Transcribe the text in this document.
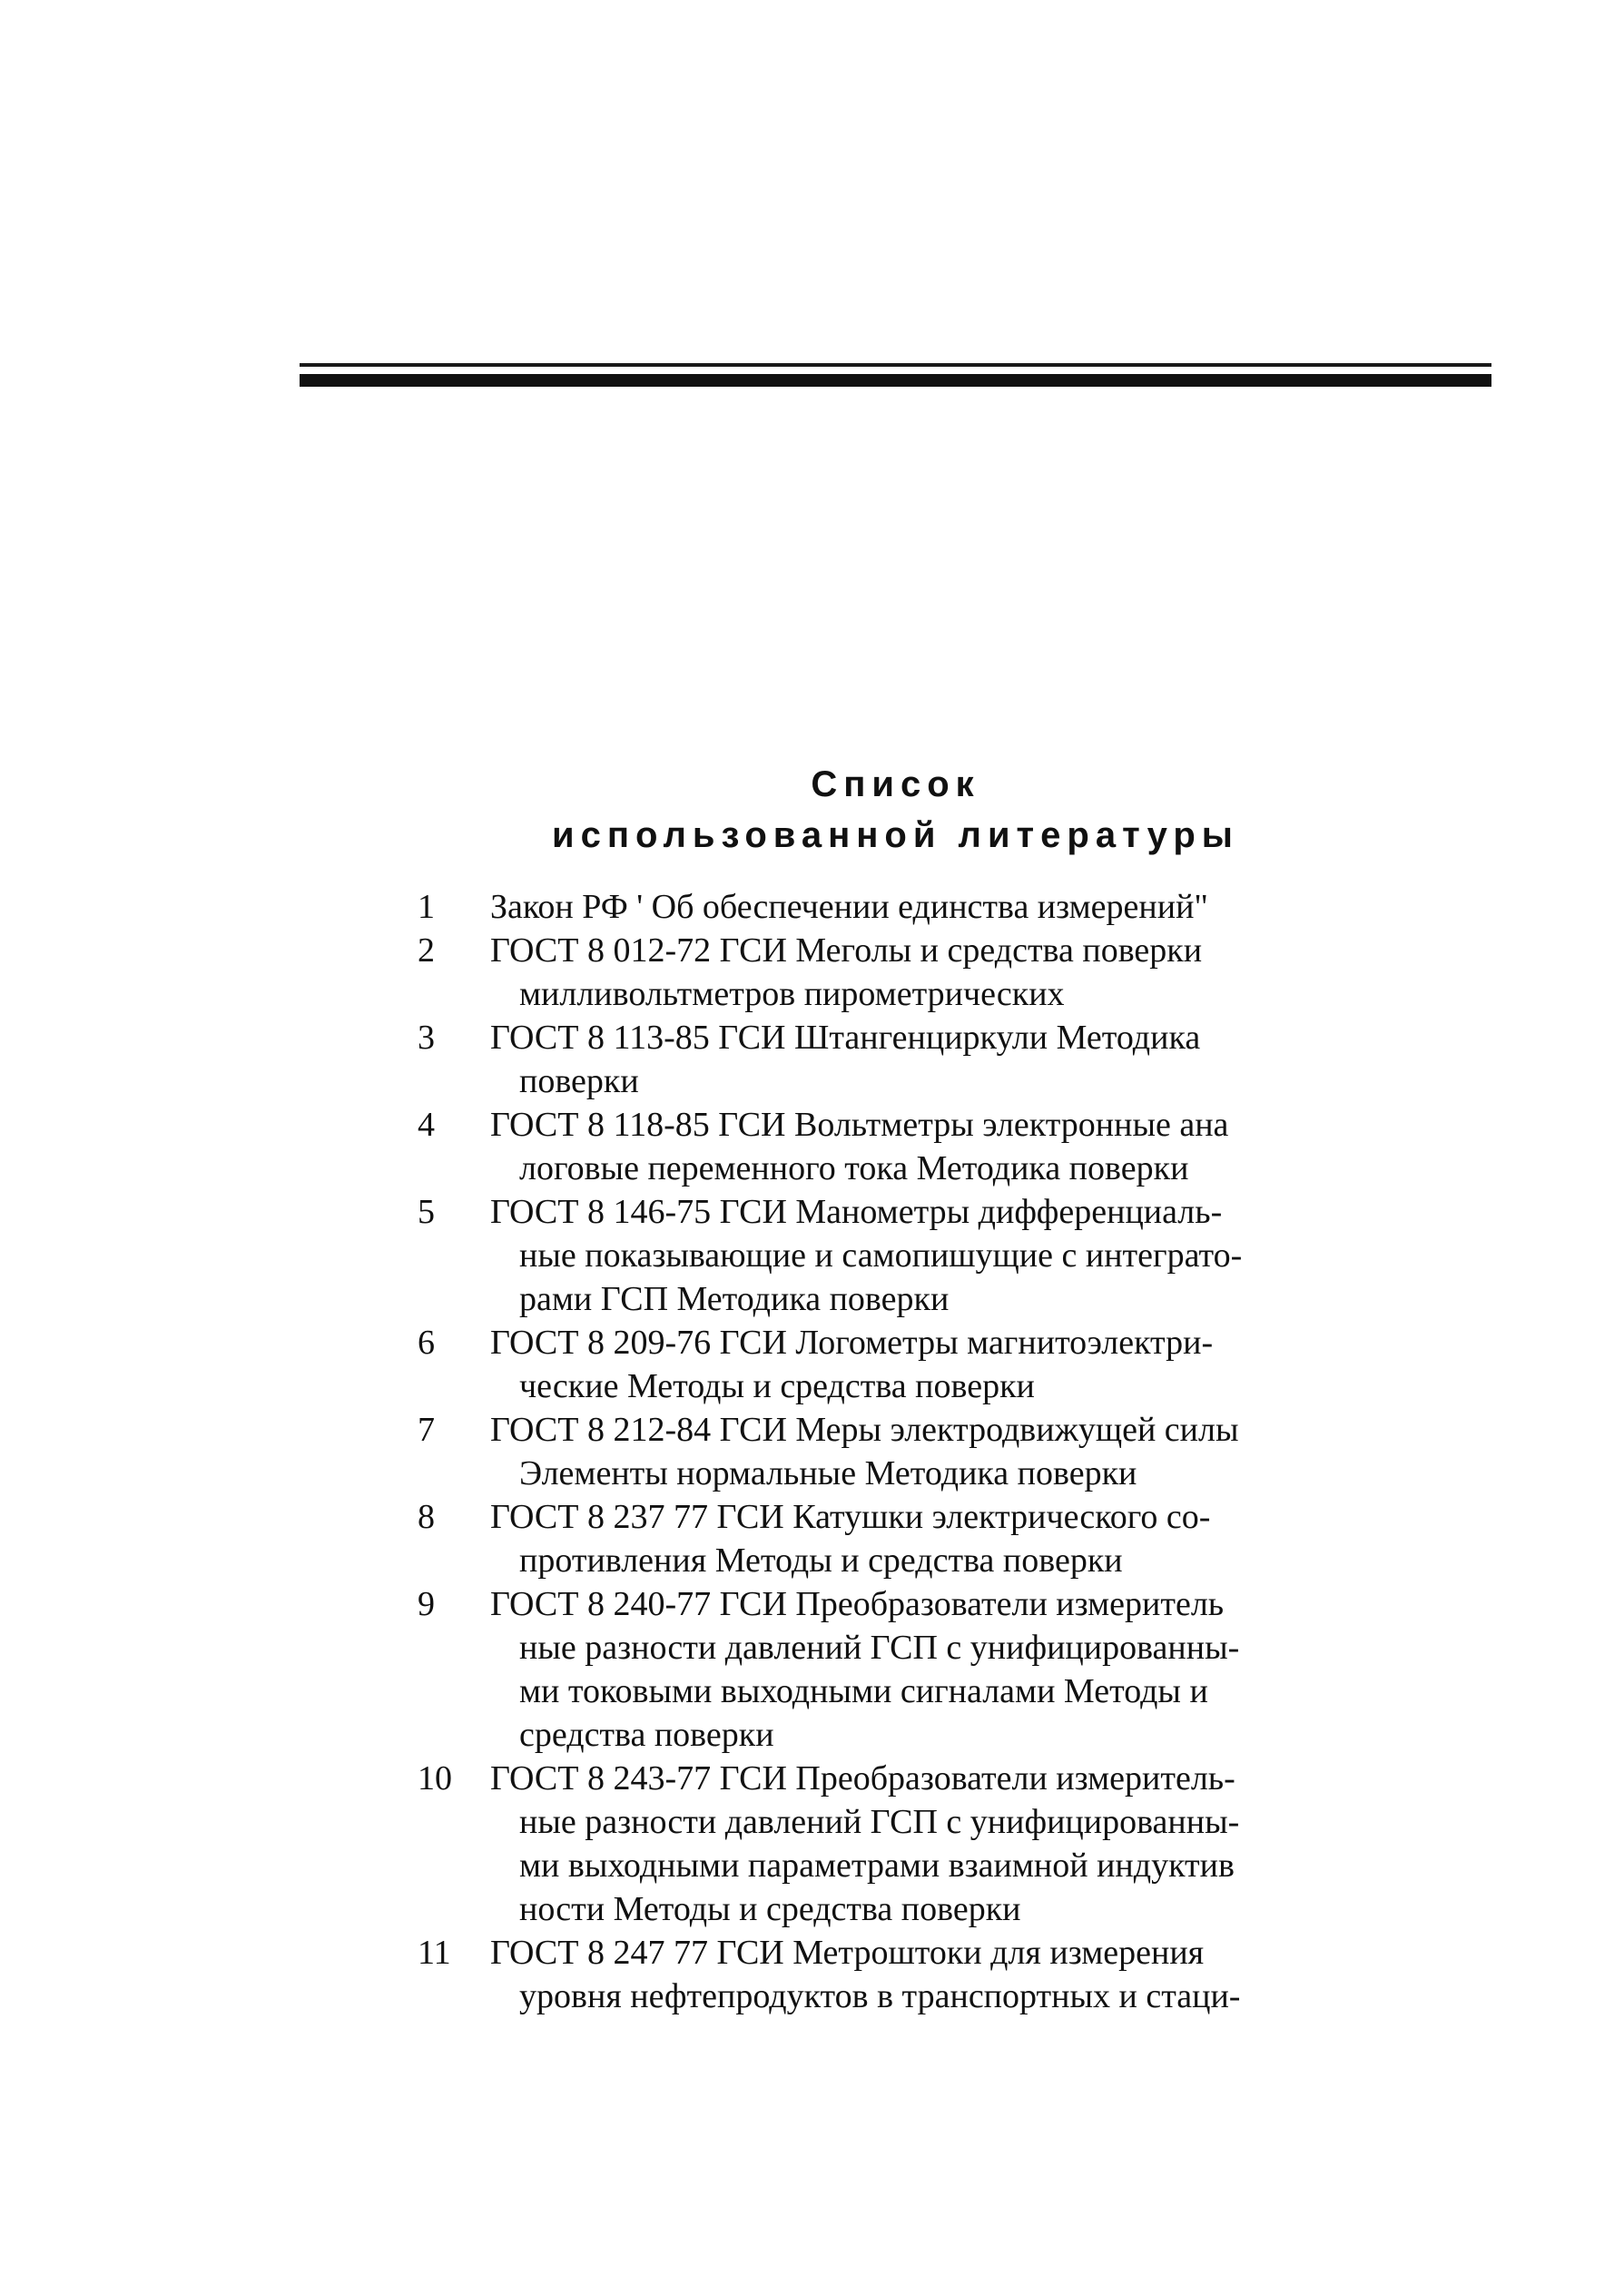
Список
использованной литературы
1	Закон РФ ' Об обеспечении единства измерений"
2	ГОСТ 8 012-72 ГСИ Меголы и средства поверки
милливольтметров пирометрических
3	ГОСТ 8 113-85 ГСИ Штангенциркули Методика
поверки
4	ГОСТ 8 118-85 ГСИ Вольтметры электронные ана
логовые переменного тока Методика поверки
5	ГОСТ 8 146-75 ГСИ Манометры дифференциаль-
ные показывающие и самопишущие с интеграто-
рами ГСП Методика поверки
6	ГОСТ 8 209-76 ГСИ Логометры магнитоэлектри-
ческие Методы и средства поверки
7	ГОСТ 8 212-84 ГСИ Меры электродвижущей силы
Элементы нормальные Методика поверки
8	ГОСТ 8 237 77 ГСИ Катушки электрического со-
противления Методы и средства поверки
9	ГОСТ 8 240-77 ГСИ Преобразователи измеритель
ные разности давлений ГСП с унифицированны-
ми токовыми выходными сигналами Методы и
средства поверки
10	ГОСТ 8 243-77 ГСИ Преобразователи измеритель-
ные разности давлений ГСП с унифицированны-
ми выходными параметрами взаимной индуктив
ности Методы и средства поверки
11	ГОСТ 8 247 77 ГСИ Метроштоки для измерения
уровня нефтепродуктов в транспортных и стаци-
